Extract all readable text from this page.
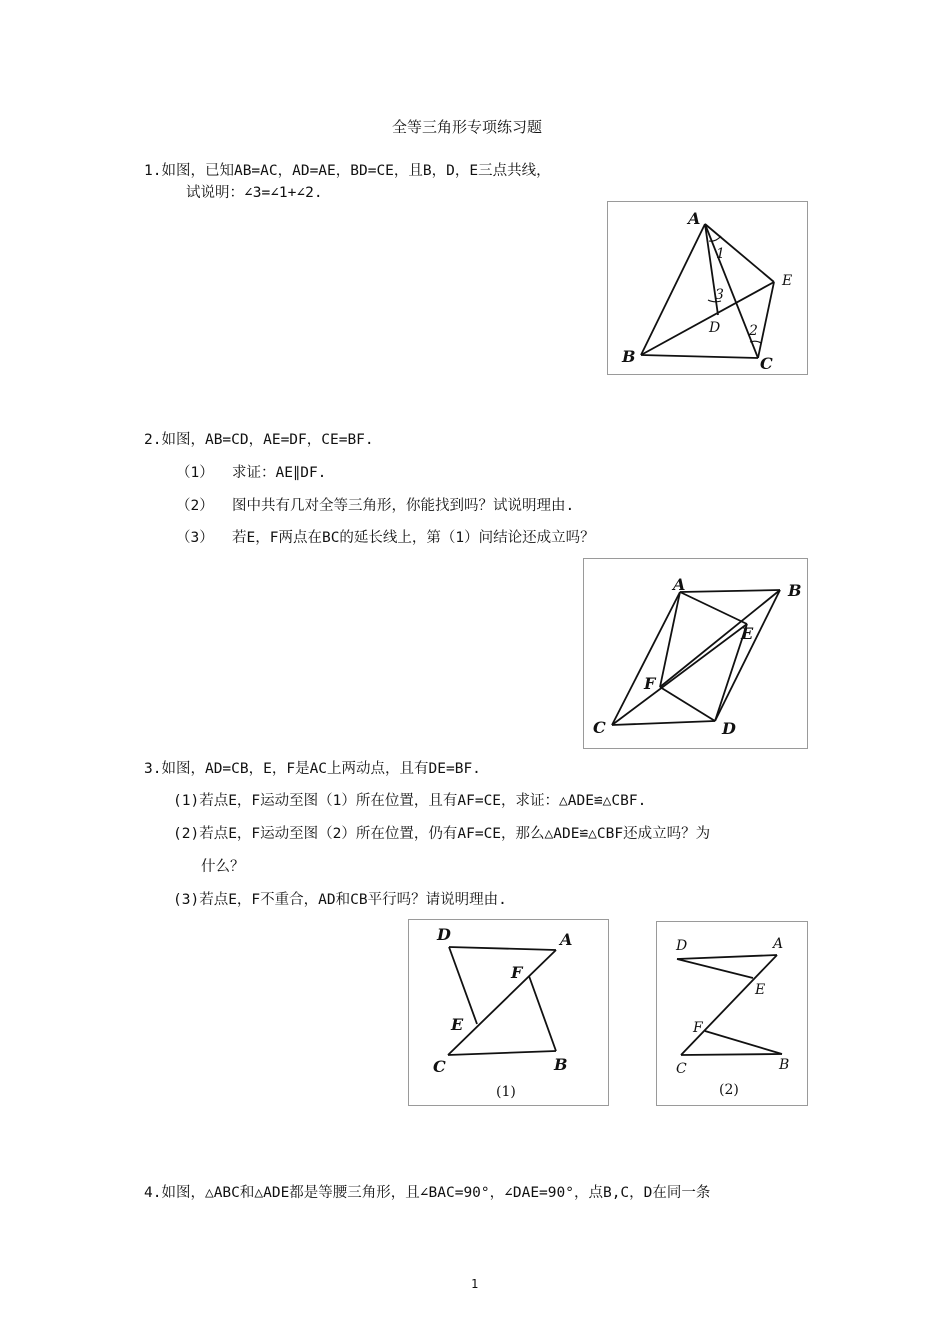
全等三角形专项练习题
1.如图，已知AB=AC，AD=AE，BD=CE，且B，D，E三点共线，
试说明：∠3=∠1+∠2.
A
B	C
D
E
1
2
3
2.如图，AB=CD，AE=DF，CE=BF.
（1） 求证：AE∥DF.
（2） 图中共有几对全等三角形，你能找到吗？试说明理由.
（3） 若E，F两点在BC的延长线上，第（1）问结论还成立吗？
A	B
C	D
E
F
3.如图，AD=CB，E，F是AC上两动点，且有DE=BF.
(1)若点E，F运动至图（1）所在位置，且有AF=CE，求证：△ADE≌△CBF.
(2)若点E，F运动至图（2）所在位置，仍有AF=CE，那么△ADE≌△CBF还成立吗？为
什么？
(3)若点E，F不重合，AD和CB平行吗？请说明理由.
D	A
F
E
C	B
(1)
D	A
E
F
C	B
(2)
4.如图，△ABC和△ADE都是等腰三角形，且∠BAC=90°，∠DAE=90°，点B,C，D在同一条
1
